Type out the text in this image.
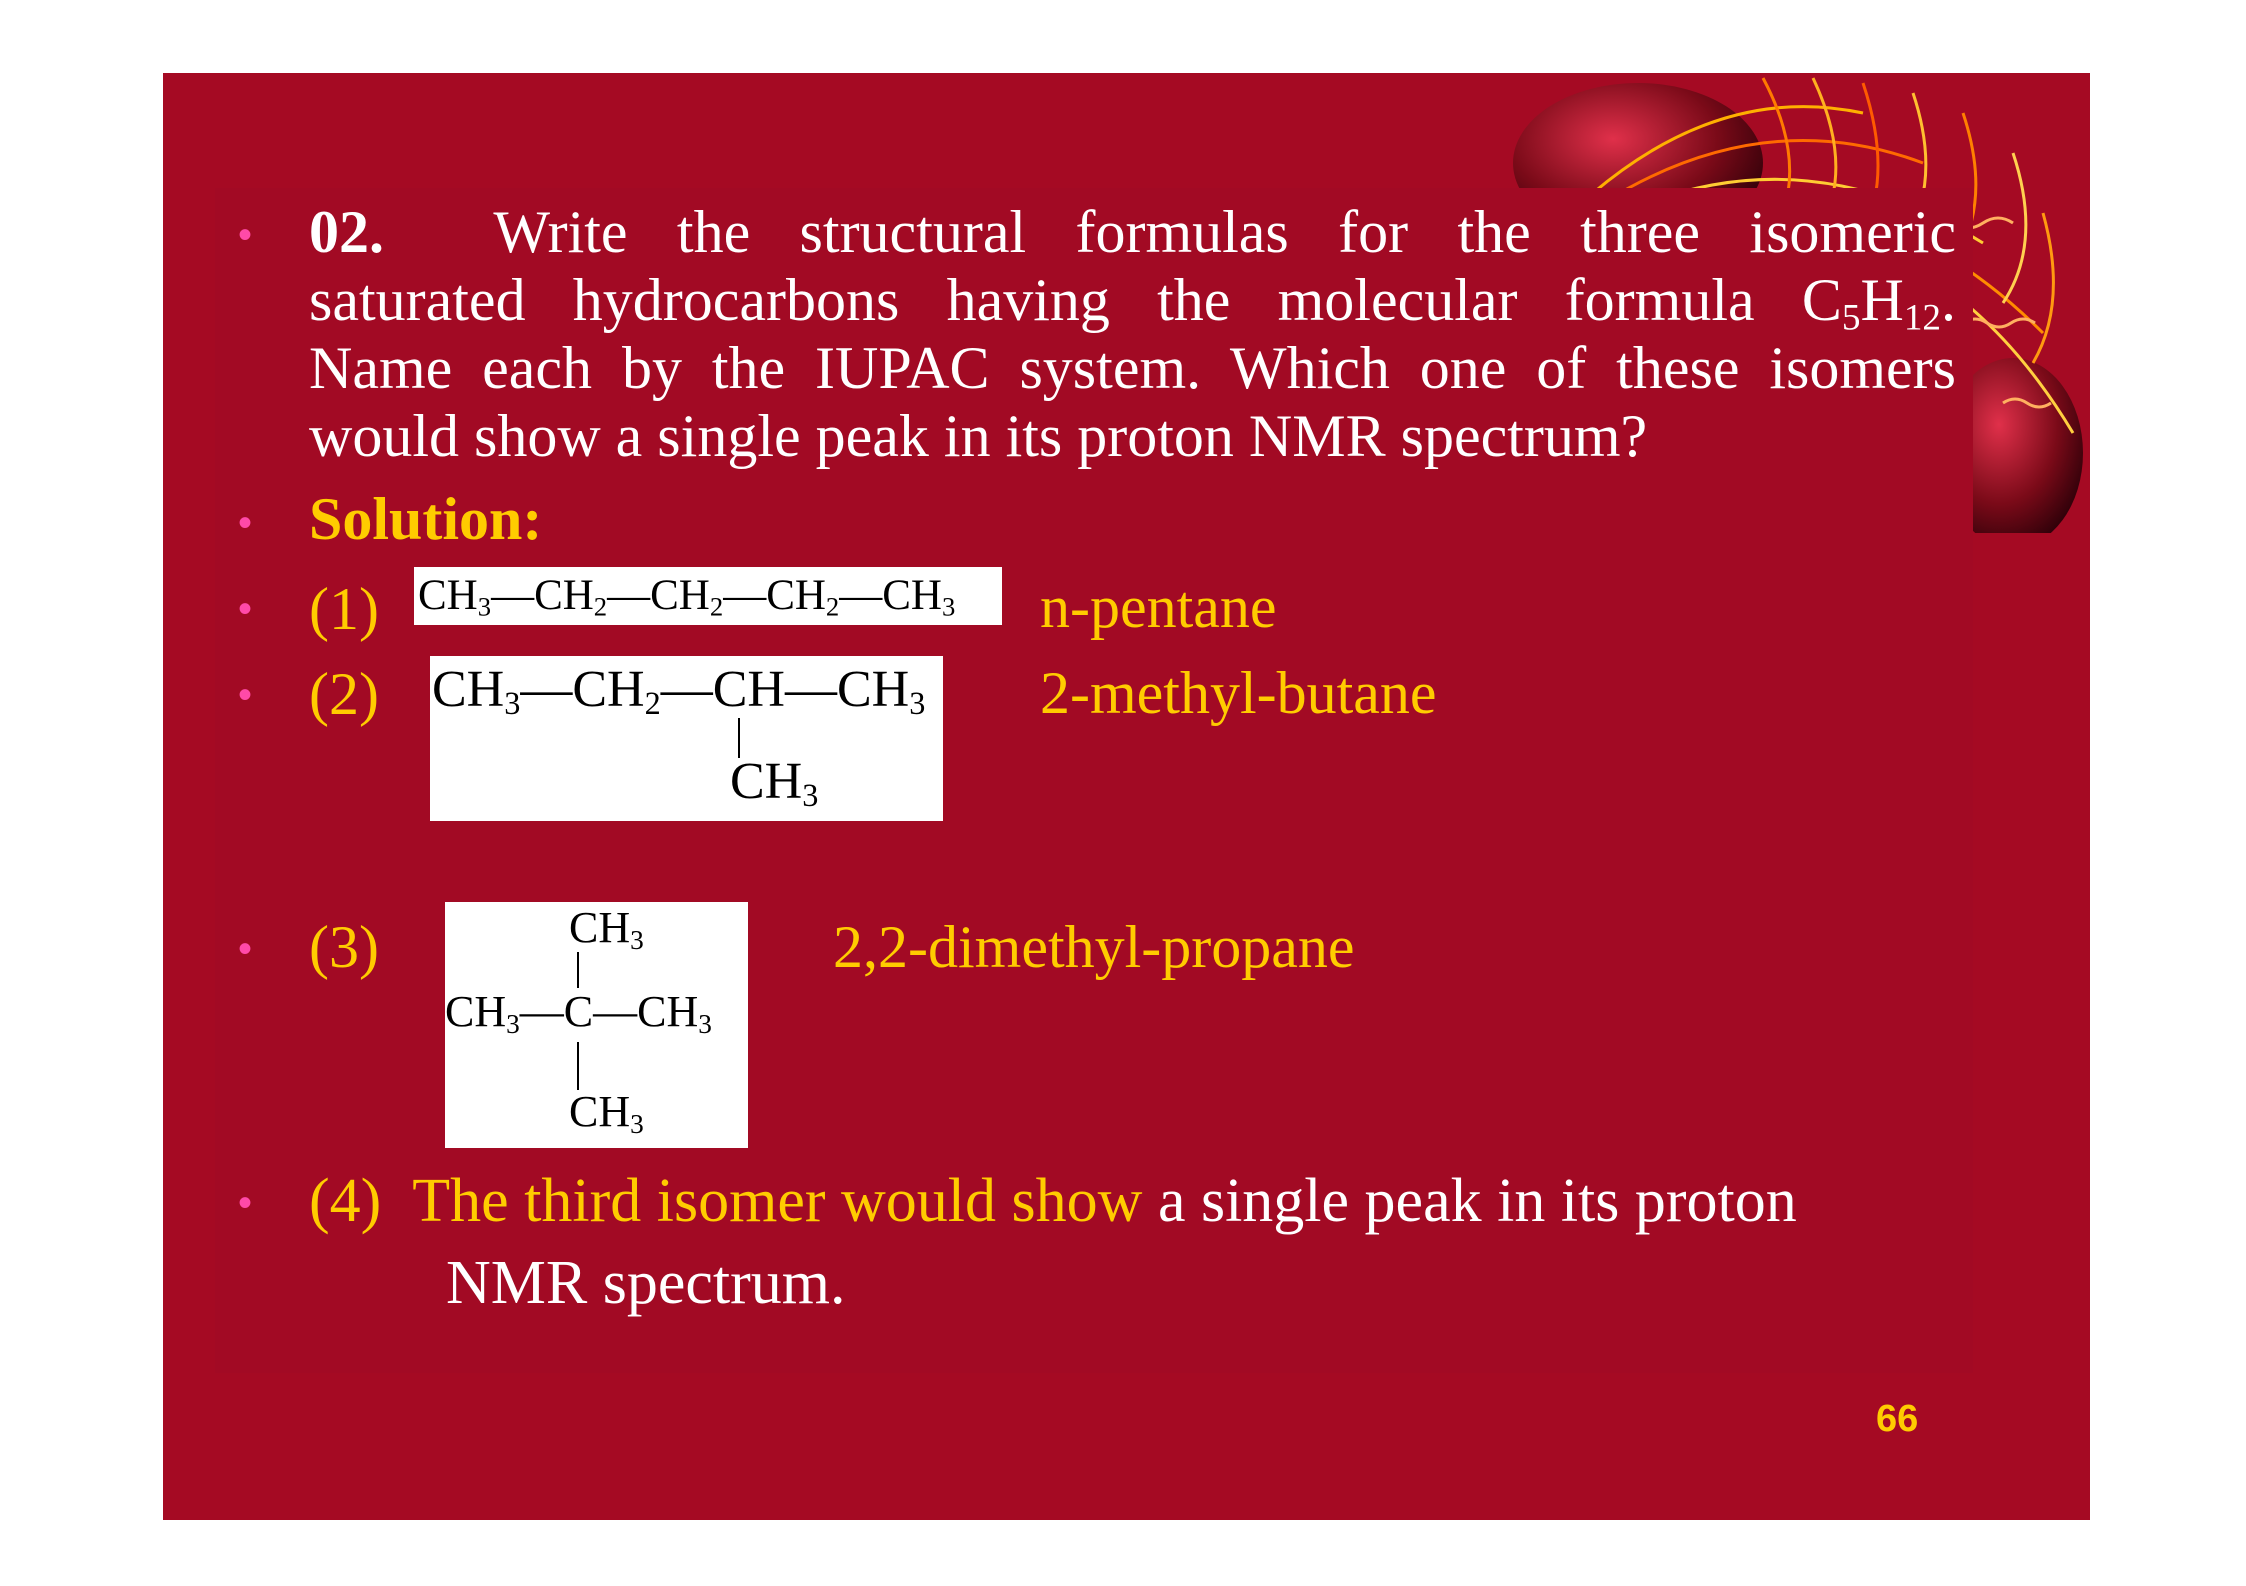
• 02. Write the structural formulas for the three isomeric
saturated hydrocarbons having the molecular formula $C_5H_{12}$.
Name each by the IUPAC system. Which one of these isomers
would show a single peak in its proton NMR spectrum?
• Solution:
• (1) $CH_3—CH_2—CH_2—CH_2—CH_3$ n-pentane
• (2) $CH_3—CH_2—CH—CH_3$
$CH_3$
2-methyl-butane
• (3)	$CH_3$
$CH_3—C—CH_3$
$CH_3$
2,2-dimethyl-propane
• (4) The third isomer would show a single peak in its proton
NMR spectrum.
66
